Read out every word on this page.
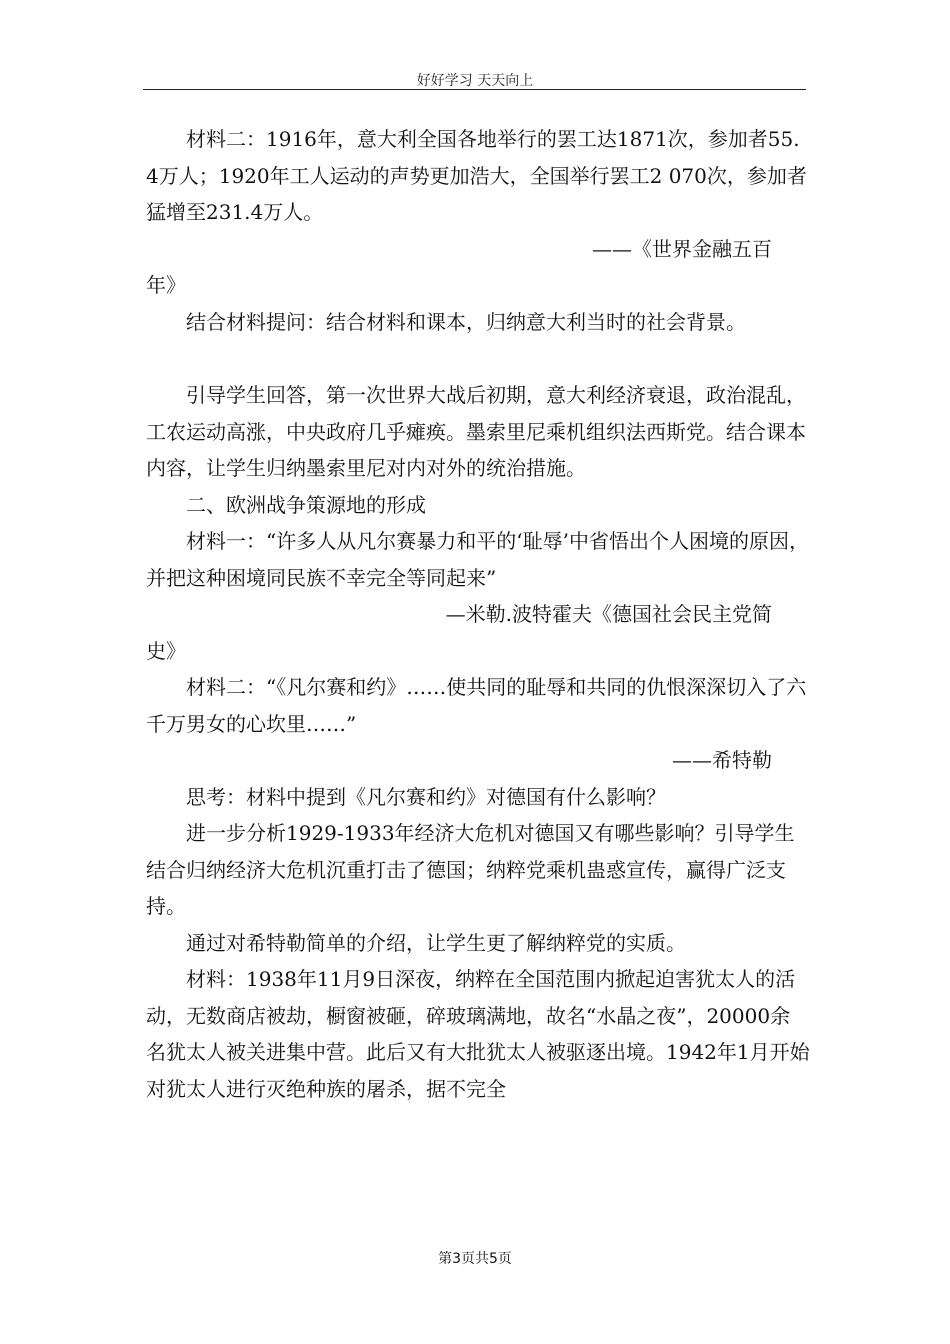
好好学习 天天向上

材料二：1916年，意大利全国各地举行的罢工达1871次，参加者55.4万人；1920年工人运动的声势更加浩大，全国举行罢工2 070次，参加者猛增至231.4万人。

——《世界金融五百

年》

结合材料提问：结合材料和课本，归纳意大利当时的社会背景。

引导学生回答，第一次世界大战后初期，意大利经济衰退，政治混乱，工农运动高涨，中央政府几乎瘫痪。墨索里尼乘机组织法西斯党。结合课本内容，让学生归纳墨索里尼对内对外的统治措施。

二、欧洲战争策源地的形成

材料一：“许多人从凡尔赛暴力和平的‘耻辱’中省悟出个人困境的原因，并把这种困境同民族不幸完全等同起来”

—米勒.波特霍夫《德国社会民主党简

史》

材料二：“《凡尔赛和约》……使共同的耻辱和共同的仇恨深深切入了六千万男女的心坎里……”

——希特勒

思考：材料中提到《凡尔赛和约》对德国有什么影响？

进一步分析1929-1933年经济大危机对德国又有哪些影响？引导学生结合归纳经济大危机沉重打击了德国；纳粹党乘机蛊惑宣传，赢得广泛支持。

通过对希特勒简单的介绍，让学生更了解纳粹党的实质。

材料：1938年11月9日深夜，纳粹在全国范围内掀起迫害犹太人的活动，无数商店被劫，橱窗被砸，碎玻璃满地，故名“水晶之夜”，20000余名犹太人被关进集中营。此后又有大批犹太人被驱逐出境。1942年1月开始对犹太人进行灭绝种族的屠杀，据不完全

第3页共5页
